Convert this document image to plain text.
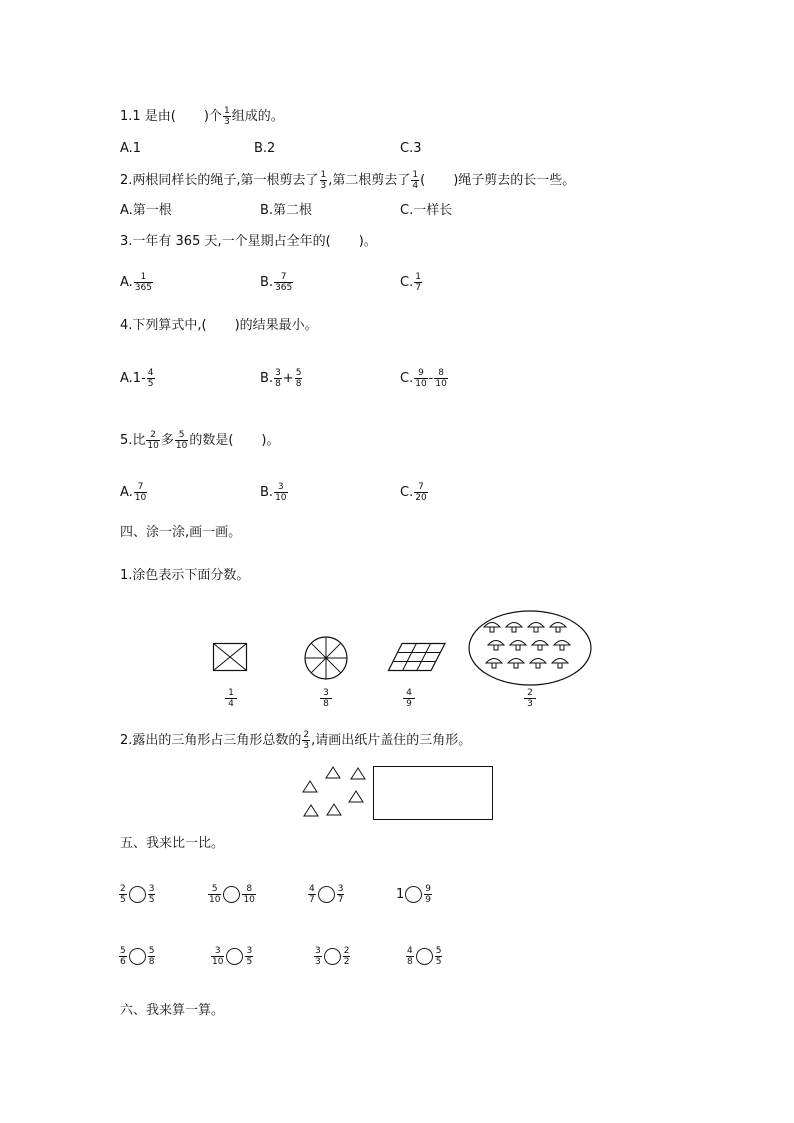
1.1 是由( )个 $\frac{1}{3}$ 组成的。
A.1	B.2	C.3
2.两根同样长的绳子,第一根剪去了 $\frac{1}{3}$ ,第二根剪去了 $\frac{1}{4}$ ( )绳子剪去的长一些。
A.第一根	B.第二根	C.一样长
3.一年有 365 天,一个星期占全年的( )。
A. $\frac{1}{365}$	B. $\frac{7}{365}$	C. $\frac{1}{7}$
4.下列算式中,( )的结果最小。
$A.1- \frac{4}{5}$	B. $\frac{3}{8} + \frac{5}{8}$	C. $\frac{9}{10} - \frac{8}{10}$
5.比 $\frac{2}{10}$ 多 $\frac{5}{10}$ 的数是( )。
A. $\frac{7}{10}$	B. $\frac{3}{10}$	C. $\frac{7}{20}$
四、涂一涂,画一画。
1.涂色表示下面分数。
1
4
3
8
4
9
2
3
2.露出的三角形占三角形总数的 $\frac{2}{3}$ ,请画出纸片盖住的三角形。
五、我来比一比。
$\frac{2}{5} \frac{3}{5}$	$\frac{5}{10} \frac{8}{10}$	$\frac{4}{7} \frac{3}{7}$	$1 \frac{9}{9}$
$\frac{5}{6} \frac{5}{8}$	$\frac{3}{10} \frac{3}{5}$	$\frac{3}{3} \frac{2}{2}$	$\frac{4}{8} \frac{5}{5}$
六、我来算一算。
